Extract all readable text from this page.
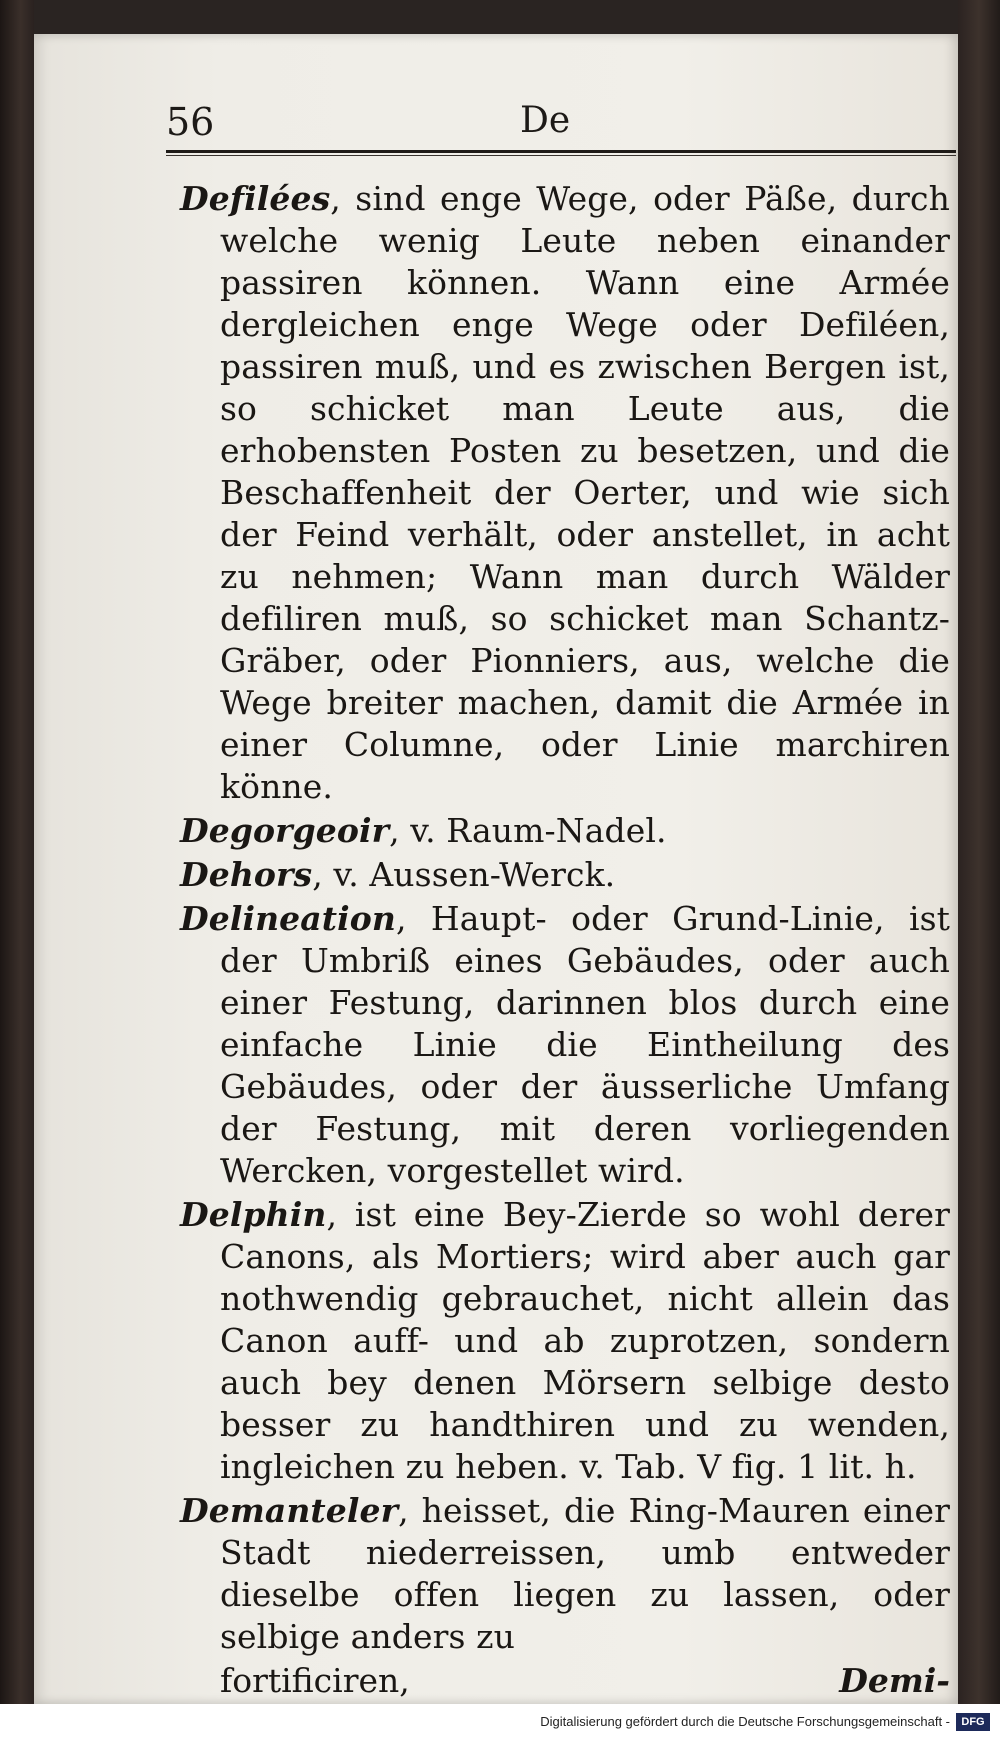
56	De

Defilées, sind enge Wege, oder Päße, durch welche wenig Leute neben einander passiren können. Wann eine Armée dergleichen enge Wege oder Defiléen, passiren muß, und es zwischen Bergen ist, so schicket man Leute aus, die erhobensten Posten zu besetzen, und die Beschaffenheit der Oerter, und wie sich der Feind verhält, oder anstellet, in acht zu nehmen; Wann man durch Wälder defiliren muß, so schicket man Schantz-Gräber, oder Pionniers, aus, welche die Wege breiter machen, damit die Armée in einer Columne, oder Linie marchiren könne.

Degorgeoir, v. Raum-Nadel.

Dehors, v. Aussen-Werck.

Delineation, Haupt- oder Grund-Linie, ist der Umbriß eines Gebäudes, oder auch einer Festung, darinnen blos durch eine einfache Linie die Eintheilung des Gebäudes, oder der äusserliche Umfang der Festung, mit deren vorliegenden Wercken, vorgestellet wird.

Delphin, ist eine Bey-Zierde so wohl derer Canons, als Mortiers; wird aber auch gar nothwendig gebrauchet, nicht allein das Canon auff- und ab zuprotzen, sondern auch bey denen Mörsern selbige desto besser zu handthiren und zu wenden, ingleichen zu heben. v. Tab. V fig. 1 lit. h.

Demanteler, heisset, die Ring-Mauren einer Stadt niederreissen, umb entweder dieselbe offen liegen zu lassen, oder selbige anders zu

fortificiren,	Demi-
Digitalisierung gefördert durch die Deutsche Forschungsgemeinschaft -	DFG
